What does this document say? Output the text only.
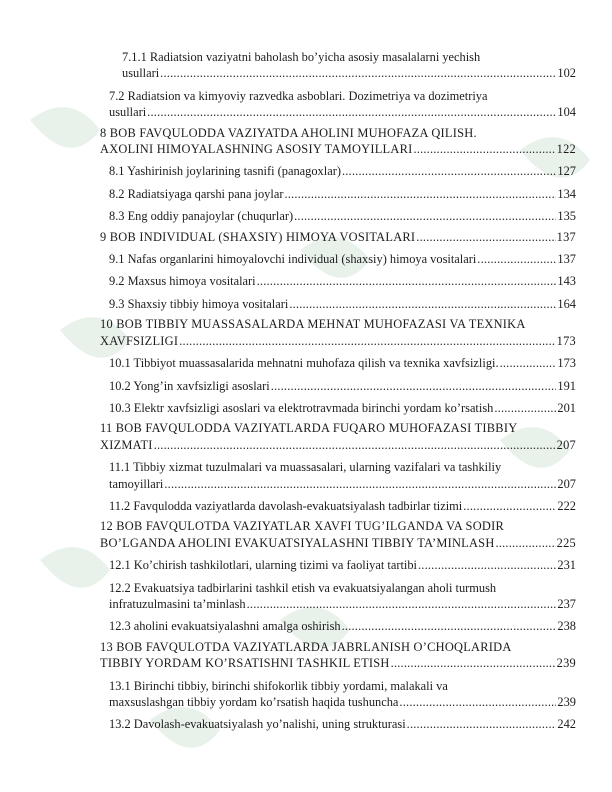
7.1.1 Radiatsion vaziyatni baholash bo’yicha asosiy masalalarni yechish
usullari .....	102
7.2 Radiatsion va kimyoviy razvedka asboblari. Dozimetriya va dozimetriya
usullari .....	104
8 BOB FAVQULODDA VAZIYATDA AHOLINI MUHOFAZA QILISH.
AXOLINI HIMOYALASHNING ASOSIY TAMOYILLARI .....	122
8.1 Yashirinish joylarining tasnifi (panagoxlar) .....	127
8.2 Radiatsiyaga qarshi pana joylar .....	134
8.3 Eng oddiy panajoylar (chuqurlar) .....	135
9 BOB INDIVIDUAL (SHAXSIY) HIMOYA VOSITALARI .....	137
9.1 Nafas organlarini himoyalovchi individual (shaxsiy) himoya vositalari .....	137
9.2 Maxsus himoya vositalari .....	143
9.3 Shaxsiy tibbiy himoya vositalari .....	164
10 BOB TIBBIY MUASSASALARDA MEHNAT MUHOFAZASI VA TEXNIKA
XAVFSIZLIGI .....	173
10.1 Tibbiyot muassasalarida mehnatni muhofaza qilish va texnika xavfsizligi. .....	173
10.2 Yong’in xavfsizligi asoslari .....	191
10.3 Elektr xavfsizligi asoslari va elektrotravmada birinchi yordam ko’rsatish .....	201
11 BOB FAVQULODDA VAZIYATLARDA FUQARO MUHOFAZASI TIBBIY
XIZMATI .....	207
11.1 Tibbiy xizmat tuzulmalari va muassasalari, ularning vazifalari va tashkiliy
tamoyillari .....	207
11.2 Favqulodda vaziyatlarda davolash-evakuatsiyalash tadbirlar tizimi .....	222
12 BOB FAVQULOTDA VAZIYATLAR XAVFI TUG’ILGANDA VA SODIR
BO’LGANDA AHOLINI EVAKUATSIYALASHNI TIBBIY TA’MINLASH .....	225
12.1 Ko’chirish tashkilotlari, ularning tizimi va faoliyat tartibi .....	231
12.2 Evakuatsiya tadbirlarini tashkil etish va evakuatsiyalangan aholi turmush
infratuzulmasini ta’minlash .....	237
12.3 aholini evakuatsiyalashni amalga oshirish .....	238
13 BOB FAVQULOTDA VAZIYATLARDA JABRLANISH O’CHOQLARIDA
TIBBIY YORDAM KO’RSATISHNI TASHKIL ETISH .....	239
13.1 Birinchi tibbiy, birinchi shifokorlik tibbiy yordami, malakali va
maxsuslashgan tibbiy yordam ko’rsatish haqida tushuncha .....	239
13.2 Davolash-evakuatsiyalash yo’nalishi, uning strukturasi .....	242
